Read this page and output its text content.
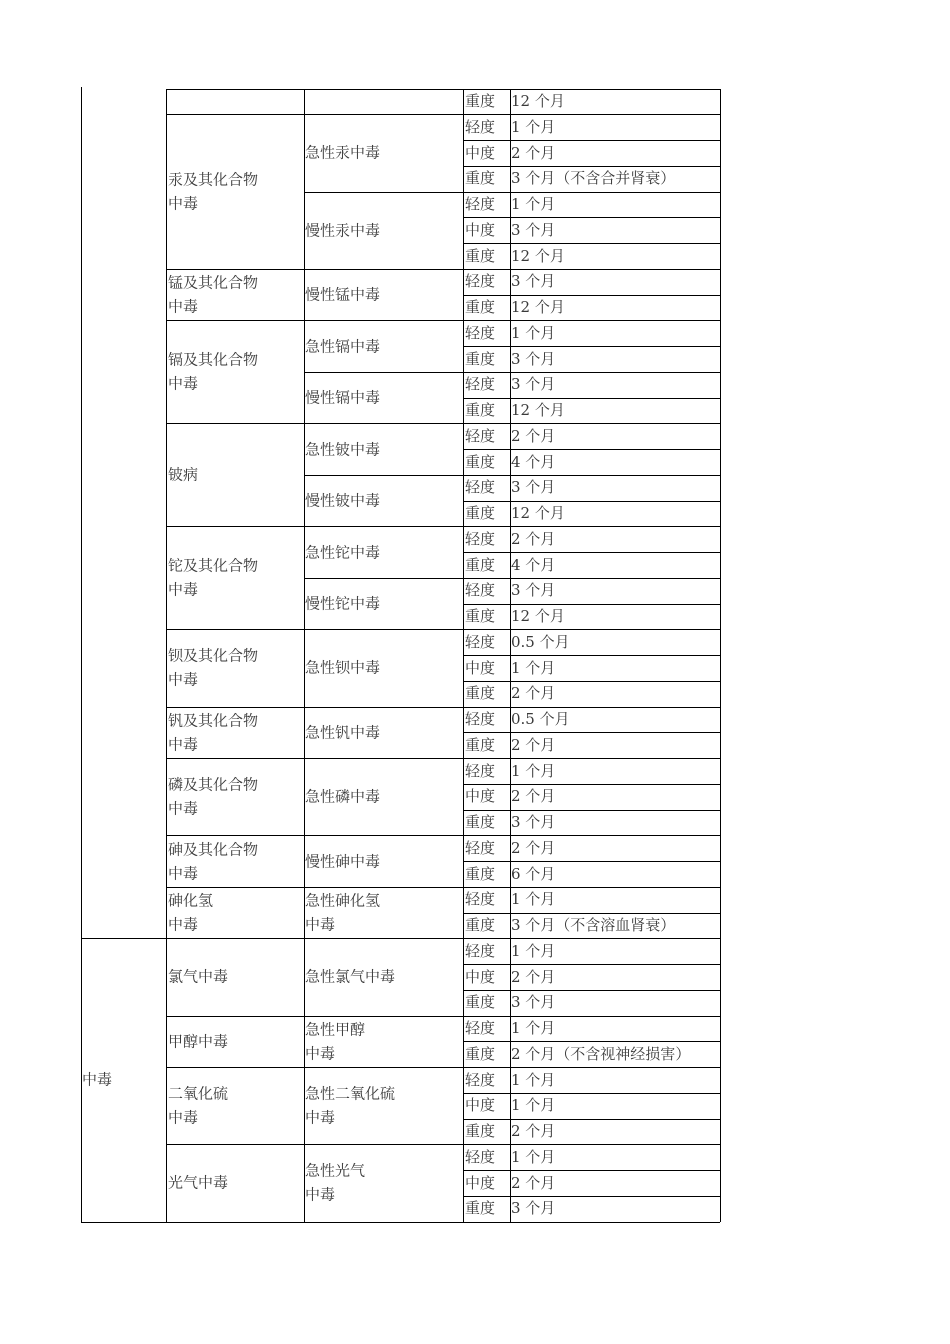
重度 12 个月
轻度 1 个月
中度 2 个月
重度 3 个月（不含合并肾衰）
急性汞中毒
轻度 1 个月
中度 3 个月
重度 12 个月
慢性汞中毒
汞及其化合物
中毒
轻度 3 个月
重度 12 个月
慢性锰中毒
锰及其化合物
中毒
轻度 1 个月
重度 3 个月
急性镉中毒
轻度 3 个月
重度 12 个月
慢性镉中毒
镉及其化合物
中毒
轻度 2 个月
重度 4 个月
急性铍中毒
轻度 3 个月
重度 12 个月
慢性铍中毒
铍病
轻度 2 个月
重度 4 个月
急性铊中毒
轻度 3 个月
重度 12 个月
慢性铊中毒
铊及其化合物
中毒
轻度 0.5 个月
中度 1 个月
重度 2 个月
急性钡中毒
钡及其化合物
中毒
轻度 0.5 个月
重度 2 个月
急性钒中毒
钒及其化合物
中毒
轻度 1 个月
中度 2 个月
重度 3 个月
急性磷中毒
磷及其化合物
中毒
轻度 2 个月
重度 6 个月
慢性砷中毒
砷及其化合物
中毒
轻度 1 个月
重度 3 个月（不含溶血肾衰）
急性砷化氢
中毒
砷化氢
中毒
轻度 1 个月
中度 2 个月
重度 3 个月
急性氯气中毒
氯气中毒
轻度 1 个月
重度 2 个月（不含视神经损害）
急性甲醇
中毒
甲醇中毒
轻度 1 个月
中度 1 个月
重度 2 个月
急性二氧化硫
中毒
二氧化硫
中毒
轻度 1 个月
中度 2 个月
重度 3 个月
急性光气
中毒
光气中毒
中毒
